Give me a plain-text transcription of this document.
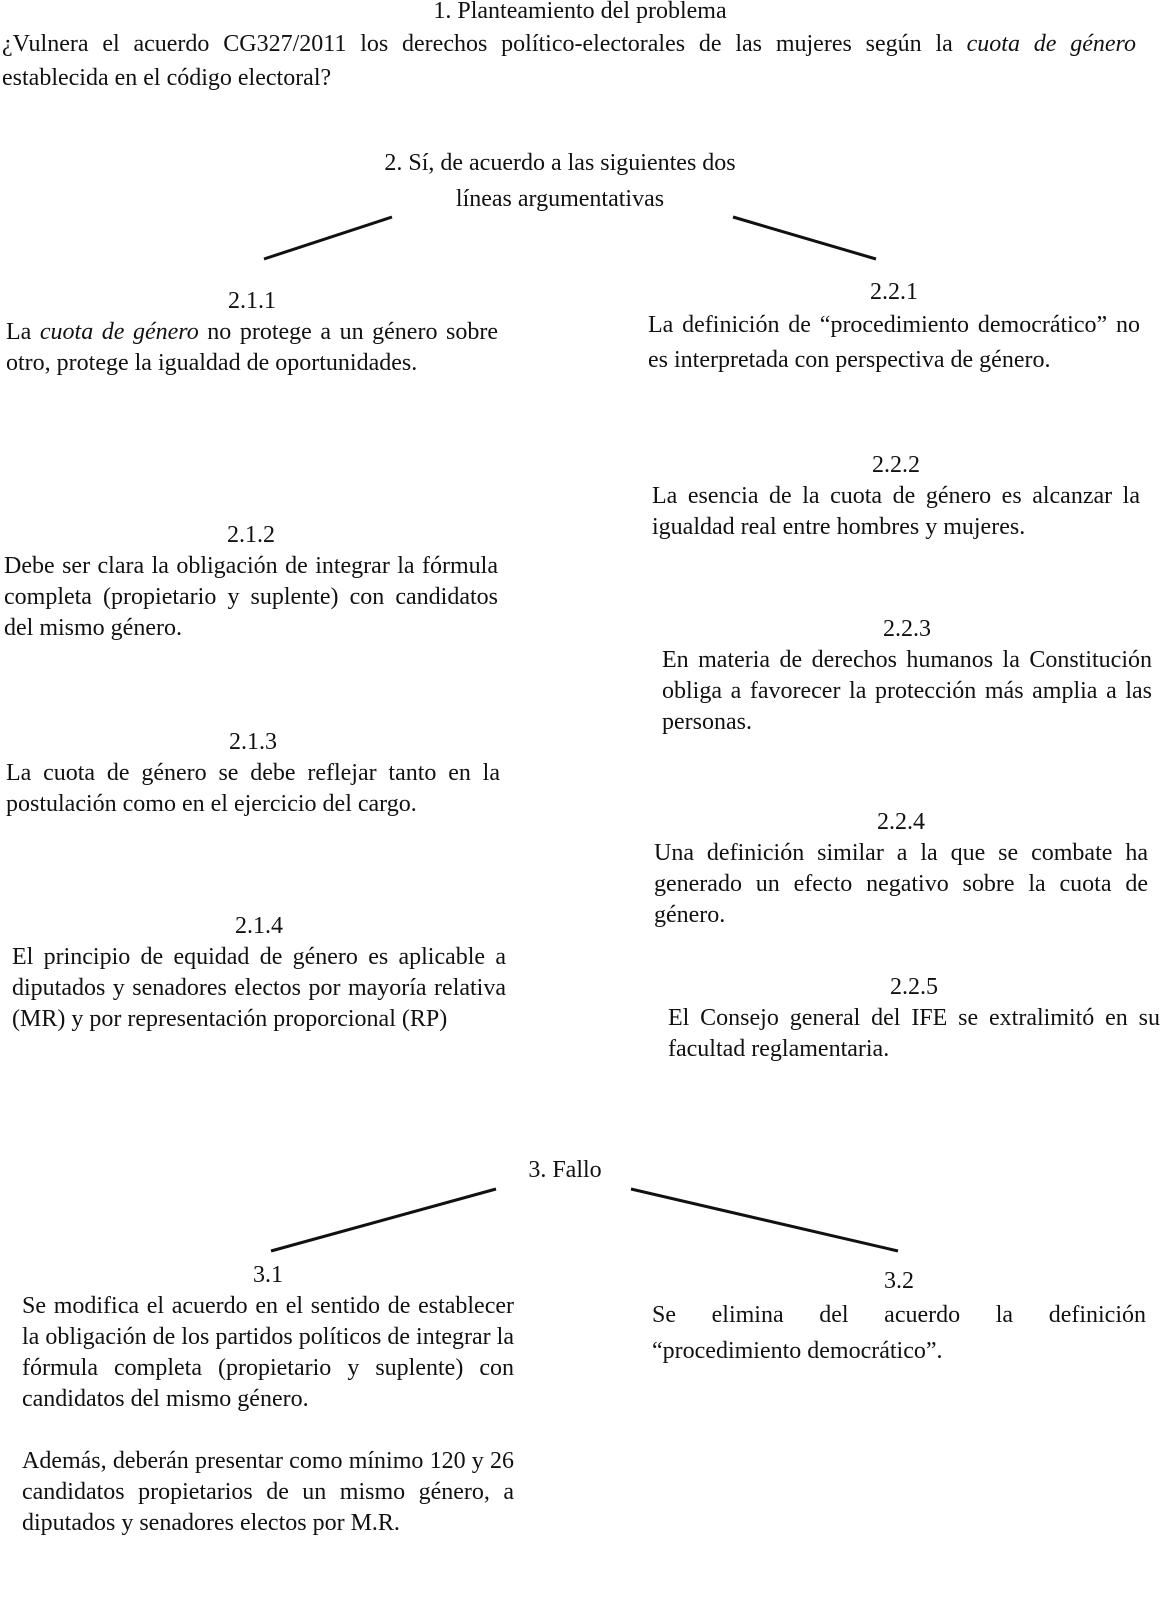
1. Planteamiento del problema
¿Vulnera el acuerdo CG327/2011 los derechos político-electorales de las mujeres según la cuota de género establecida en el código electoral?
2. Sí, de acuerdo a las siguientes dos
líneas argumentativas
2.1.1
La cuota de género no protege a un género sobre otro, protege la igualdad de oportunidades.
2.1.2
Debe ser clara la obligación de integrar la fórmula completa (propietario y suplente) con candidatos del mismo género.
2.1.3
La cuota de género se debe reflejar tanto en la postulación como en el ejercicio del cargo.
2.1.4
El principio de equidad de género es aplicable a diputados y senadores electos por mayoría relativa (MR) y por representación proporcional (RP)
2.2.1
La definición de “procedimiento democrático” no es interpretada con perspectiva de género.
2.2.2
La esencia de la cuota de género es alcanzar la igualdad real entre hombres y mujeres.
2.2.3
En materia de derechos humanos la Constitución obliga a favorecer la protección más amplia a las personas.
2.2.4
Una definición similar a la que se combate ha generado un efecto negativo sobre la cuota de género.
2.2.5
El Consejo general del IFE se extralimitó en su facultad reglamentaria.
3. Fallo
3.1
Se modifica el acuerdo en el sentido de establecer la obligación de los partidos políticos de integrar la fórmula completa (propietario y suplente) con candidatos del mismo género.
Además, deberán presentar como mínimo 120 y 26 candidatos propietarios de un mismo género, a diputados y senadores electos por M.R.
3.2
Se elimina del acuerdo la definición “procedimiento democrático”.
